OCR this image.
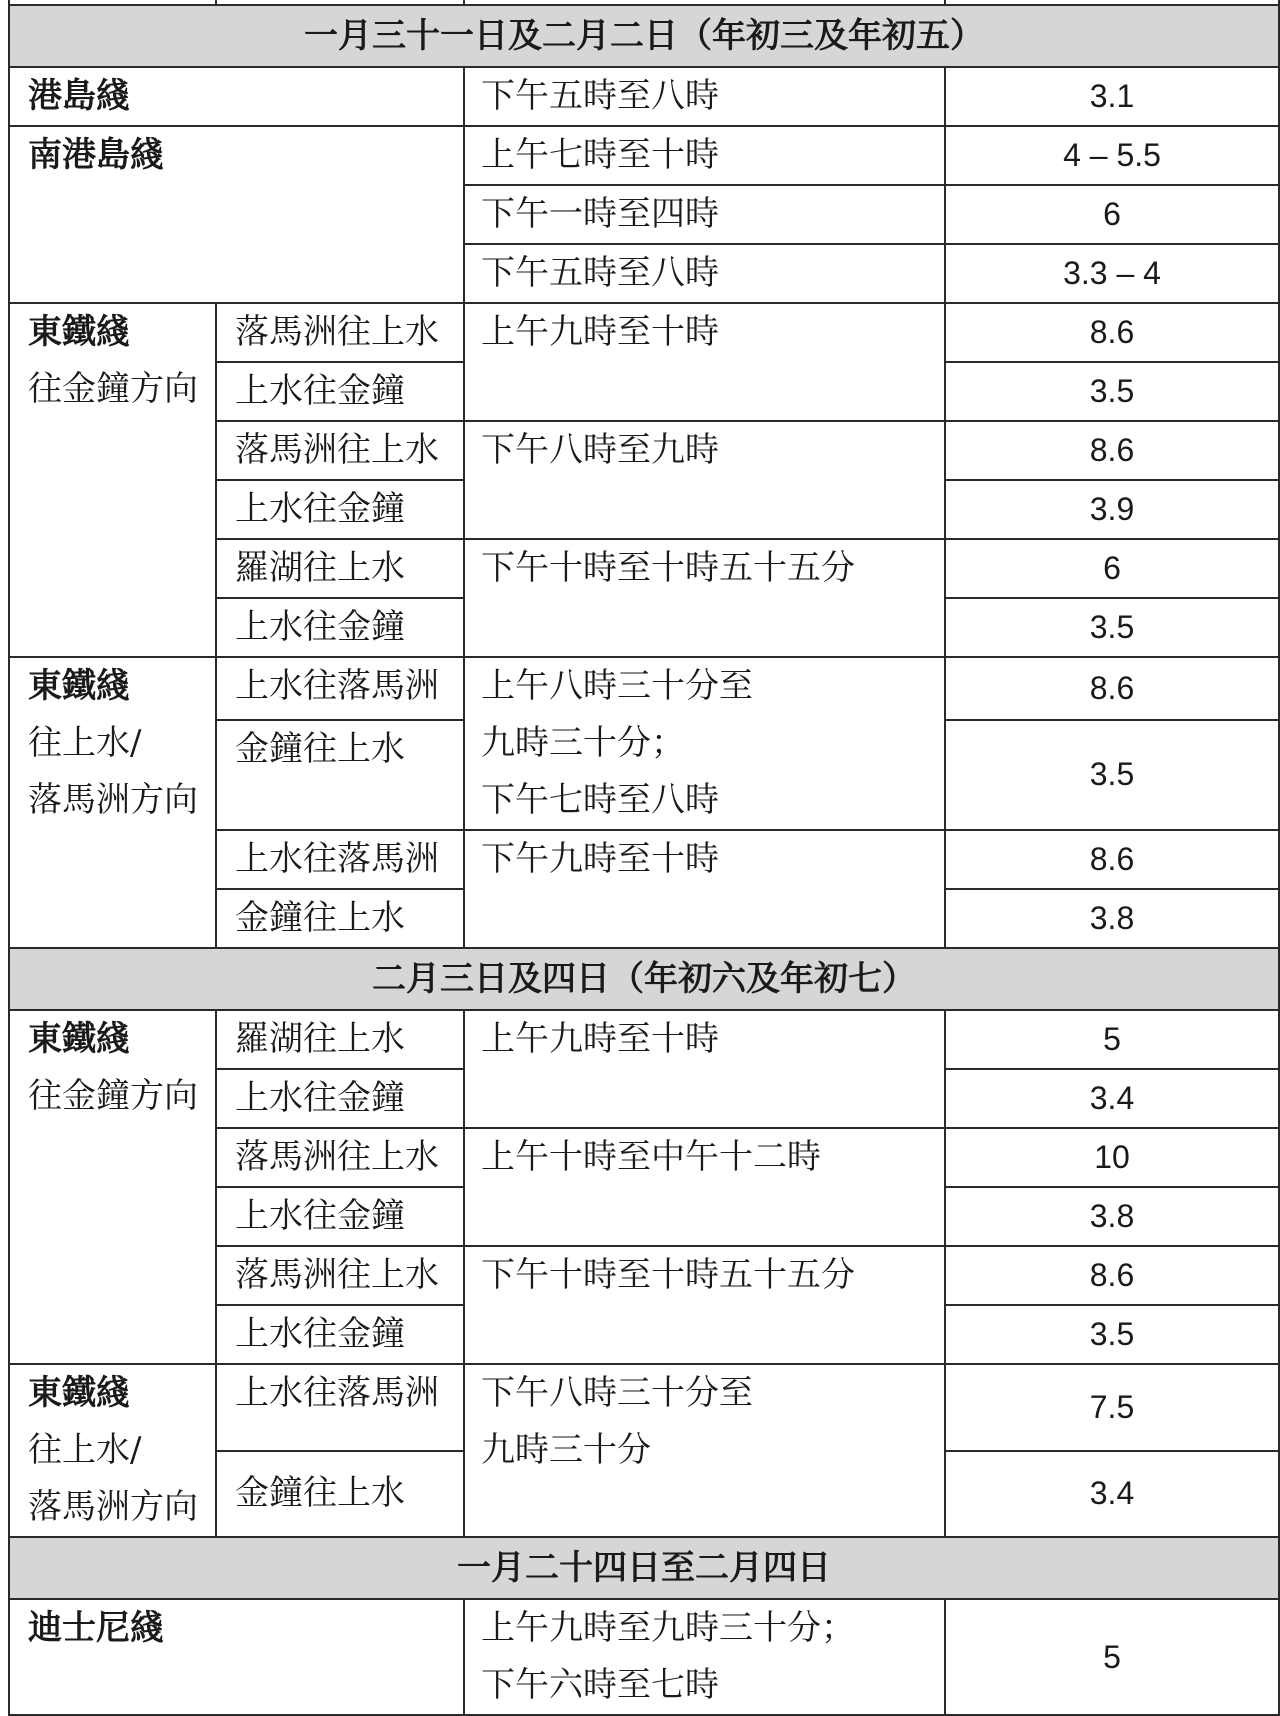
一月三十一日及二月二日（年初三及年初五）			
港島綫		下午五時至八時	3.1
南港島綫		上午七時至十時	4 – 5.5
		下午一時至四時	6
		下午五時至八時	3.3 – 4
東鐵綫
往金鐘方向	落馬洲往上水	上午九時至十時	8.6
	上水往金鐘		3.5
	落馬洲往上水	下午八時至九時	8.6
	上水往金鐘		3.9
	羅湖往上水	下午十時至十時五十五分	6
	上水往金鐘		3.5
東鐵綫
往上水/
落馬洲方向	上水往落馬洲	上午八時三十分至
九時三十分；
下午七時至八時	8.6
	金鐘往上水		3.5
	上水往落馬洲	下午九時至十時	8.6
	金鐘往上水		3.8
二月三日及四日（年初六及年初七）			
東鐵綫
往金鐘方向	羅湖往上水	上午九時至十時	5
	上水往金鐘		3.4
	落馬洲往上水	上午十時至中午十二時	10
	上水往金鐘		3.8
	落馬洲往上水	下午十時至十時五十五分	8.6
	上水往金鐘		3.5
東鐵綫
往上水/
落馬洲方向	上水往落馬洲	下午八時三十分至
九時三十分	7.5
	金鐘往上水		3.4
一月二十四日至二月四日			
迪士尼綫		上午九時至九時三十分；
下午六時至七時	5
